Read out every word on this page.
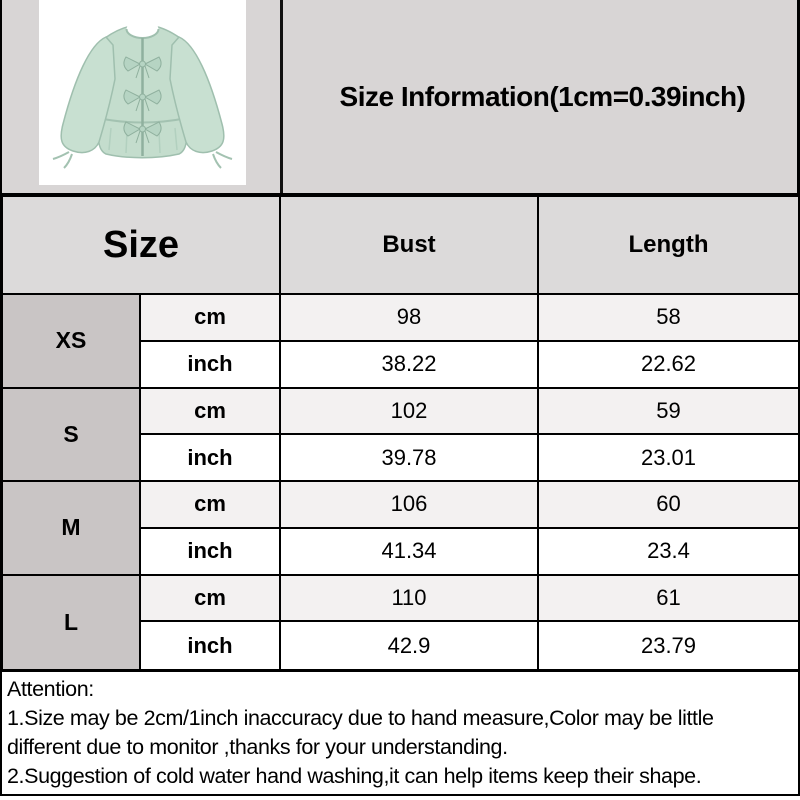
Size Information(1cm=0.39inch)
Size	Bust	Length
XS
cm	98	58
inch	38.22	22.62
S
cm	102	59
inch	39.78	23.01
M
cm	106	60
inch	41.34	23.4
L
cm	110	61
inch	42.9	23.79
Attention:
1.Size may be 2cm/1inch inaccuracy due to hand measure,Color may be little
different due to monitor ,thanks for your understanding.
2.Suggestion of cold water hand washing,it can help items keep their shape.
